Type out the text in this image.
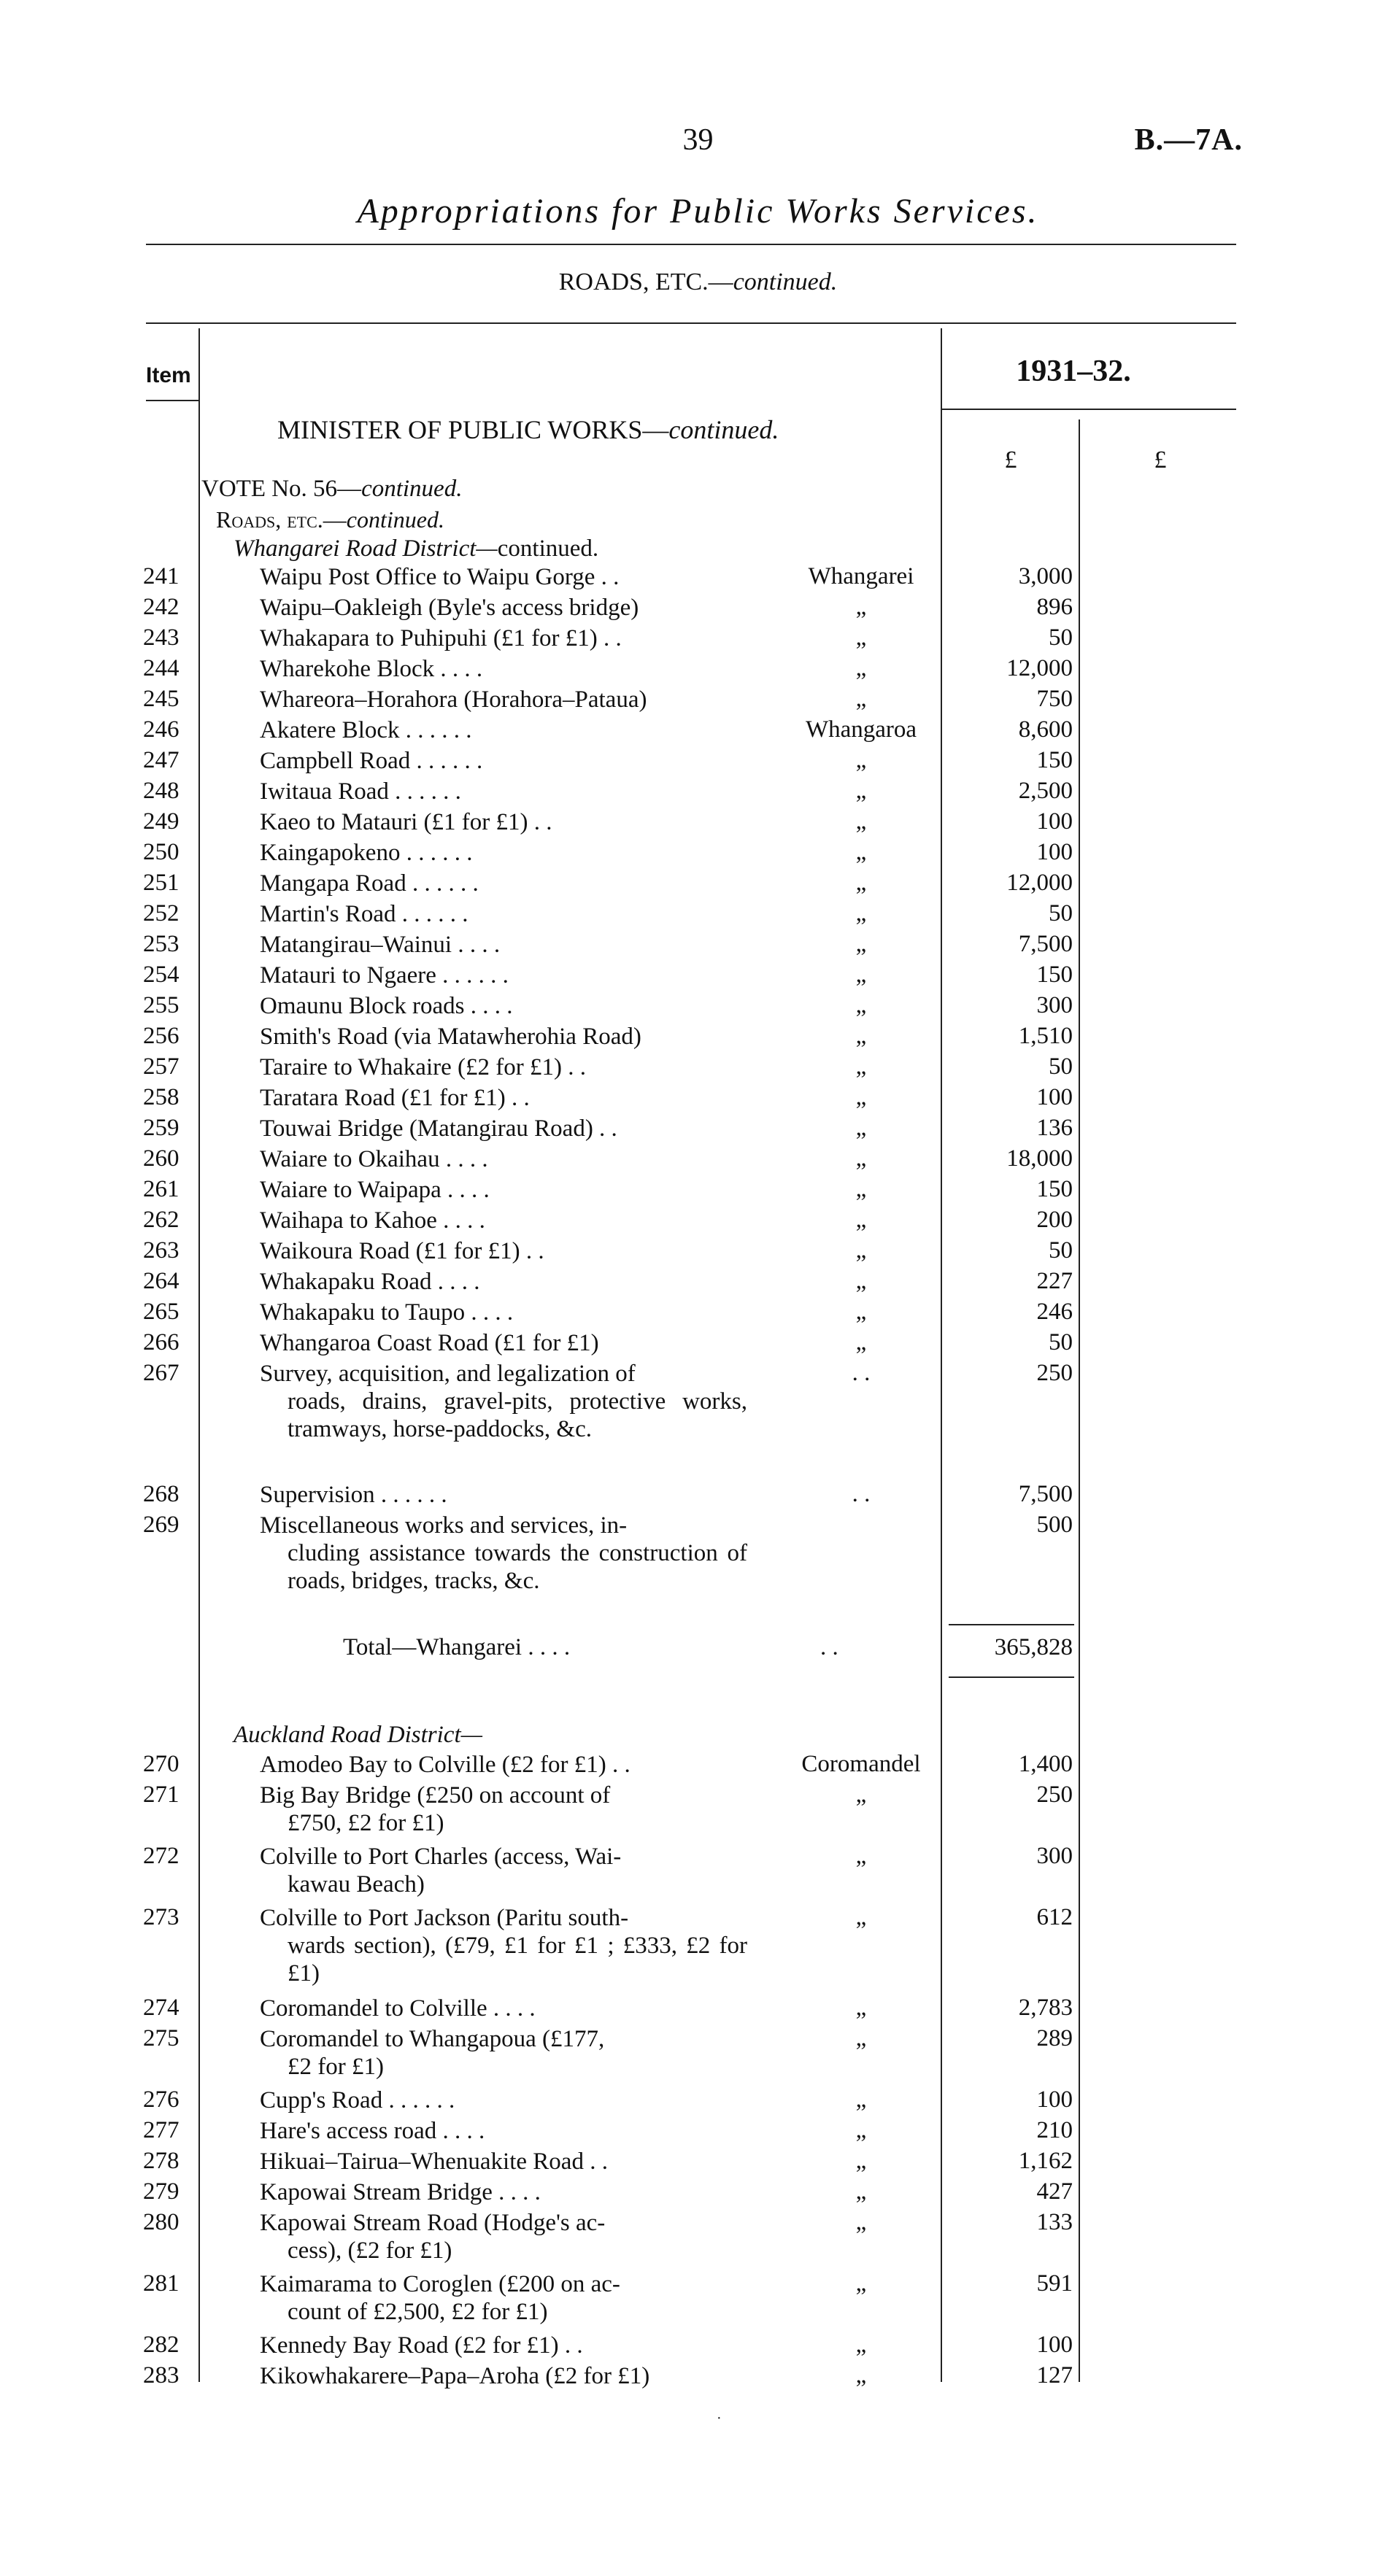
39	B.—7A.
Appropriations for Public Works Services.
ROADS, ETC.—continued.
Item	1931–32.
£	£
MINISTER OF PUBLIC WORKS—continued.
VOTE No. 56—continued.
Roads, etc.—continued.
Whangarei Road District—continued.
241	Waipu Post Office to Waipu Gorge . .	Whangarei	3,000
242	Waipu–Oakleigh (Byle's access bridge)	„	896
243	Whakapara to Puhipuhi (£1 for £1) . .	„	50
244	Wharekohe Block . . . .	„	12,000
245	Whareora–Horahora (Horahora–Pataua)	„	750
246	Akatere Block . . . . . .	Whangaroa	8,600
247	Campbell Road . . . . . .	„	150
248	Iwitaua Road . . . . . .	„	2,500
249	Kaeo to Matauri (£1 for £1) . .	„	100
250	Kaingapokeno . . . . . .	„	100
251	Mangapa Road . . . . . .	„	12,000
252	Martin's Road . . . . . .	„	50
253	Matangirau–Wainui . . . .	„	7,500
254	Matauri to Ngaere . . . . . .	„	150
255	Omaunu Block roads . . . .	„	300
256	Smith's Road (via Matawherohia Road)	„	1,510
257	Taraire to Whakaire (£2 for £1) . .	„	50
258	Taratara Road (£1 for £1) . .	„	100
259	Touwai Bridge (Matangirau Road) . .	„	136
260	Waiare to Okaihau . . . .	„	18,000
261	Waiare to Waipapa . . . .	„	150
262	Waihapa to Kahoe . . . .	„	200
263	Waikoura Road (£1 for £1) . .	„	50
264	Whakapaku Road . . . .	„	227
265	Whakapaku to Taupo . . . .	„	246
266	Whangaroa Coast Road (£1 for £1)	„	50
267	Survey, acquisition, and legalization of
roads, drains, gravel-pits, protective works, tramways, horse-paddocks, &c.
. .	250
268	Supervision . . . . . .	. .	7,500
269	Miscellaneous works and services, in-
cluding assistance towards the construction of roads, bridges, tracks, &c.
500
Total—Whangarei . . . .	. .	365,828
Auckland Road District—
270	Amodeo Bay to Colville (£2 for £1) . .	Coromandel	1,400
271	Big Bay Bridge (£250 on account of
£750, £2 for £1)
„	250
272	Colville to Port Charles (access, Wai-
kawau Beach)
„	300
273	Colville to Port Jackson (Paritu south-
wards section), (£79, £1 for £1 ; £333, £2 for £1)
„	612
274	Coromandel to Colville . . . .	„	2,783
275	Coromandel to Whangapoua (£177,
£2 for £1)
„	289
276	Cupp's Road . . . . . .	„	100
277	Hare's access road . . . .	„	210
278	Hikuai–Tairua–Whenuakite Road . .	„	1,162
279	Kapowai Stream Bridge . . . .	„	427
280	Kapowai Stream Road (Hodge's ac-
cess), (£2 for £1)
„	133
281	Kaimarama to Coroglen (£200 on ac-
count of £2,500, £2 for £1)
„	591
282	Kennedy Bay Road (£2 for £1) . .	„	100
283	Kikowhakarere–Papa–Aroha (£2 for £1)	„	127
·
